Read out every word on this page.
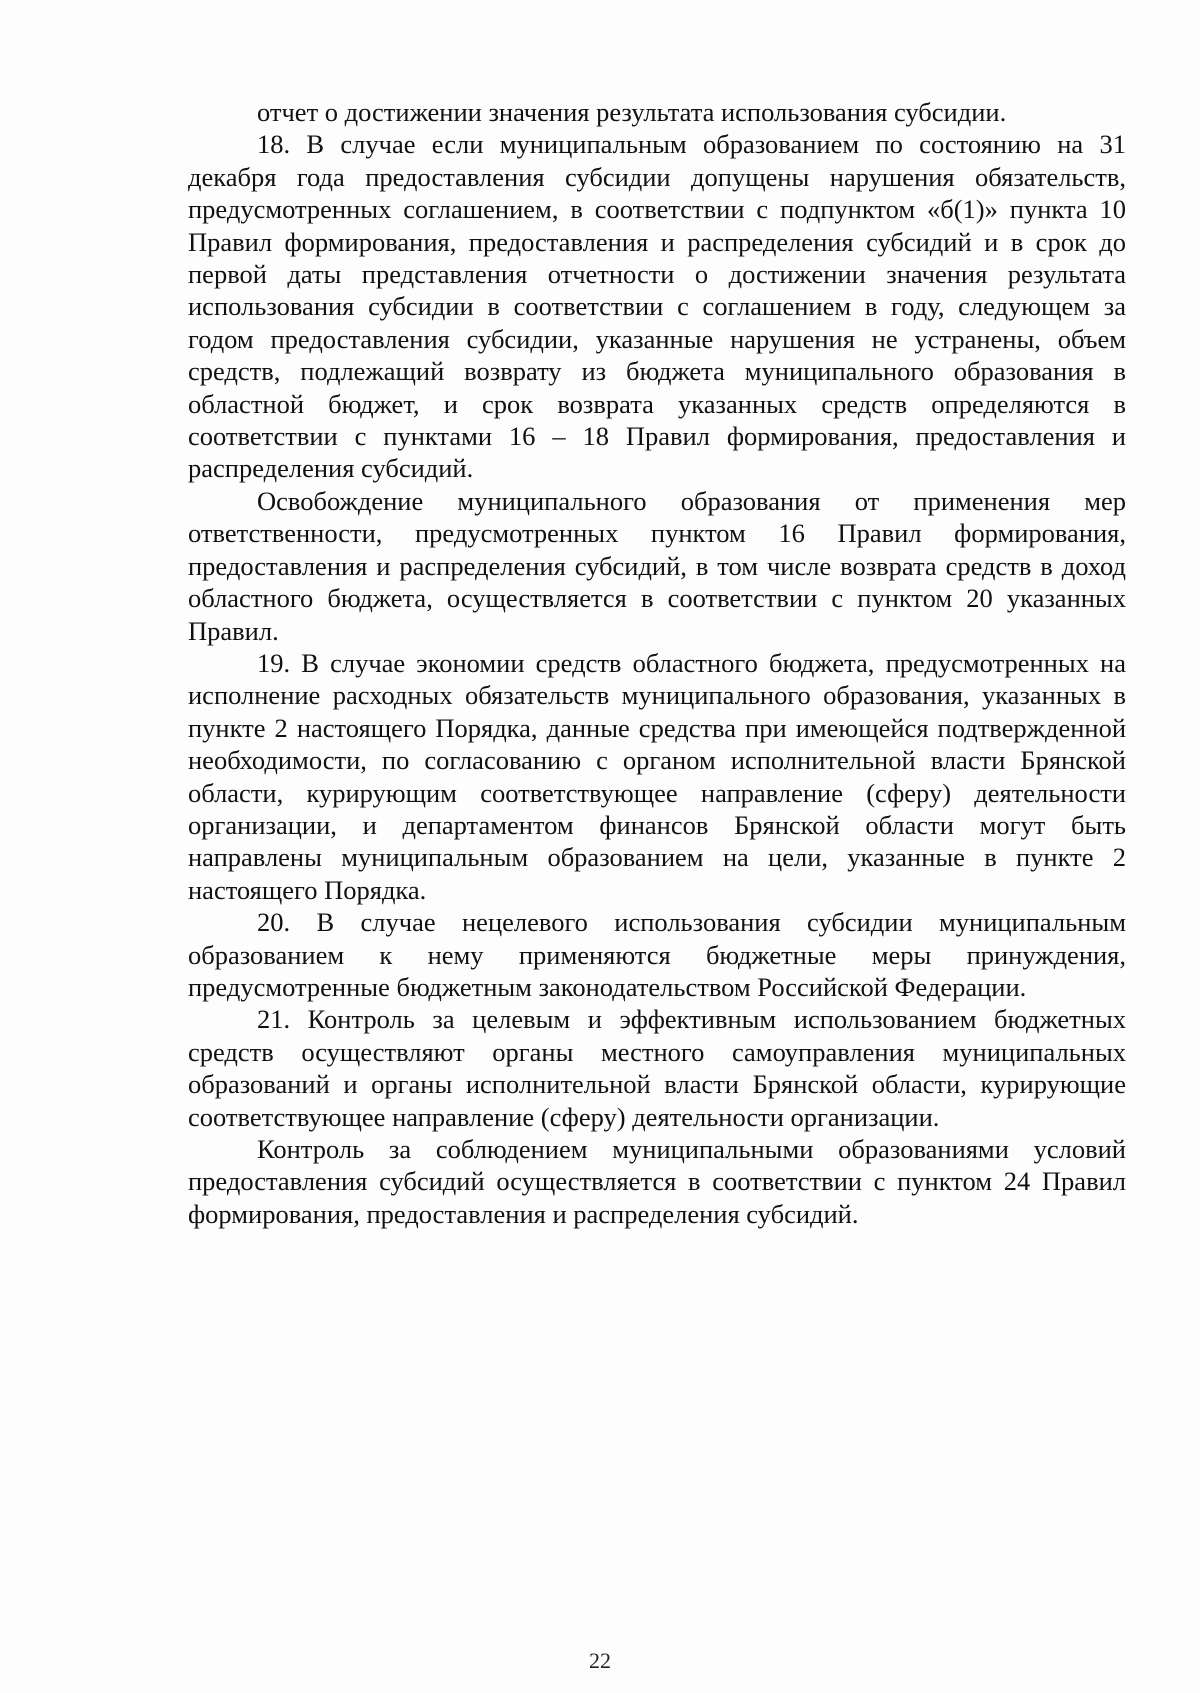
отчет о достижении значения результата использования субсидии.

18. В случае если муниципальным образованием по состоянию на 31 декабря года предоставления субсидии допущены нарушения обязательств, предусмотренных соглашением, в соответствии с подпунктом «б(1)» пункта 10 Правил формирования, предоставления и распределения субсидий и в срок до первой даты представления отчетности о достижении значения результата использования субсидии в соответствии с соглашением в году, следующем за годом предоставления субсидии, указанные нарушения не устранены, объем средств, подлежащий возврату из бюджета муниципального образования в областной бюджет, и срок возврата указанных средств определяются в соответствии с пунктами 16 – 18 Правил формирования, предоставления и распределения субсидий.

Освобождение муниципального образования от применения мер ответственности, предусмотренных пунктом 16 Правил формирования, предоставления и распределения субсидий, в том числе возврата средств в доход областного бюджета, осуществляется в соответствии с пунктом 20 указанных Правил.

19. В случае экономии средств областного бюджета, предусмотренных на исполнение расходных обязательств муниципального образования, указанных в пункте 2 настоящего Порядка, данные средства при имеющейся подтвержденной необходимости, по согласованию с органом исполнительной власти Брянской области, курирующим соответствующее направление (сферу) деятельности организации, и департаментом финансов Брянской области могут быть направлены муниципальным образованием на цели, указанные в пункте 2 настоящего Порядка.

20. В случае нецелевого использования субсидии муниципальным образованием к нему применяются бюджетные меры принуждения, предусмотренные бюджетным законодательством Российской Федерации.

21. Контроль за целевым и эффективным использованием бюджетных средств осуществляют органы местного самоуправления муниципальных образований и органы исполнительной власти Брянской области, курирующие соответствующее направление (сферу) деятельности организации.

Контроль за соблюдением муниципальными образованиями условий предоставления субсидий осуществляется в соответствии с пунктом 24 Правил формирования, предоставления и распределения субсидий.

22
